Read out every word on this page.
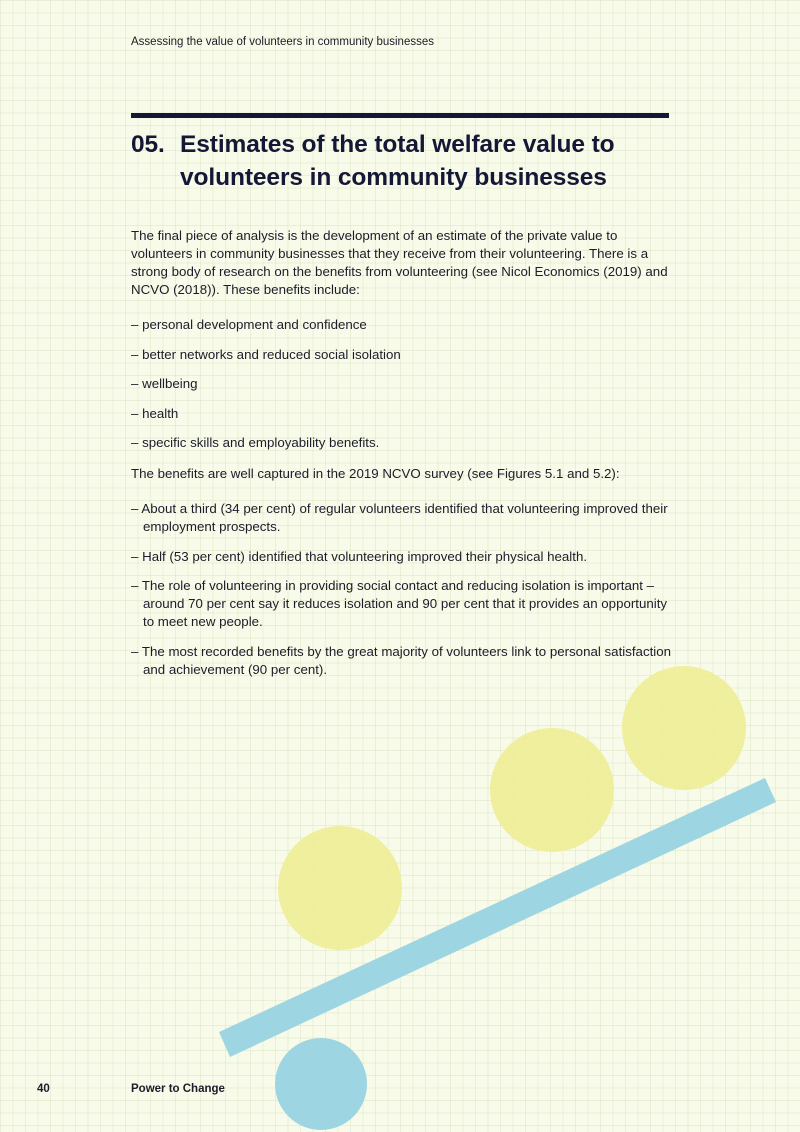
Assessing the value of volunteers in community businesses
05. Estimates of the total welfare value to
volunteers in community businesses

The final piece of analysis is the development of an estimate of the private value to volunteers in community businesses that they receive from their volunteering. There is a strong body of research on the benefits from volunteering (see Nicol Economics (2019) and NCVO (2018)). These benefits include:

– personal development and confidence
– better networks and reduced social isolation
– wellbeing
– health
– specific skills and employability benefits.

The benefits are well captured in the 2019 NCVO survey (see Figures 5.1 and 5.2):

– About a third (34 per cent) of regular volunteers identified that volunteering improved their employment prospects.
– Half (53 per cent) identified that volunteering improved their physical health.
– The role of volunteering in providing social contact and reducing isolation is important – around 70 per cent say it reduces isolation and 90 per cent that it provides an opportunity to meet new people.
– The most recorded benefits by the great majority of volunteers link to personal satisfaction and achievement (90 per cent).
40	Power to Change
